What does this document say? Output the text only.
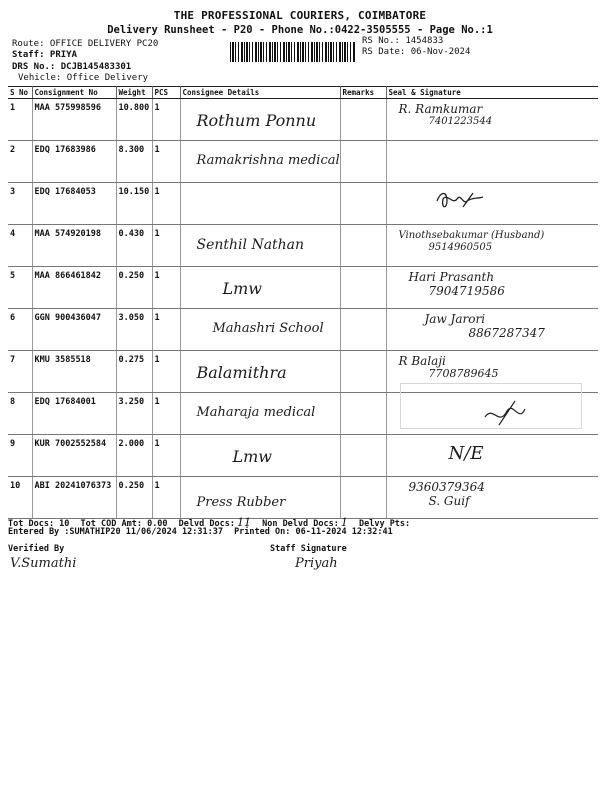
THE PROFESSIONAL COURIERS, COIMBATORE
Delivery Runsheet - P20 - Phone No.:0422-3505555 - Page No.:1
Route: OFFICE DELIVERY PC20
Staff: PRIYA
DRS No.: DCJB145483301
Vehicle: Office Delivery
RS No.: 1454833
RS Date: 06-Nov-2024
S No	Consignment No	Weight	PCS	Consignee Details	Remarks	Seal & Signature
1	MAA 575998596	10.800	1	Rothum Ponnu		R. Ramkumar
7401223544

2	EDQ 17683986	8.300	1	Ramakrishna medical		

3	EDQ 17684053	10.150	1	

4	MAA 574920198	0.430	1	Senthil Nathan		Vinothsebakumar (Husband)
9514960505

5	MAA 866461842	0.250	1	Lmw		Hari Prasanth
7904719586

6	GGN 900436047	3.050	1	Mahashri School		Jaw Jarori
8867287347

7	KMU 3585518	0.275	1	Balamithra		R Balaji
7708789645

8	EDQ 17684001	3.250	1	Maharaja medical

9	KUR 7002552584	2.000	1	Lmw		N/E

10	ABI 20241076373	0.250	1	Press Rubber		9360379364
S. Guif
Tot Docs: 10 Tot COD Amt: 0.00 Delvd Docs: 11 Non Delvd Docs: 1 Delvy Pts:
Entered By :SUMATHIP20 11/06/2024 12:31:37 Printed On: 06-11-2024 12:32:41
Verified By
V.Sumathi
Staff Signature
Priyah
